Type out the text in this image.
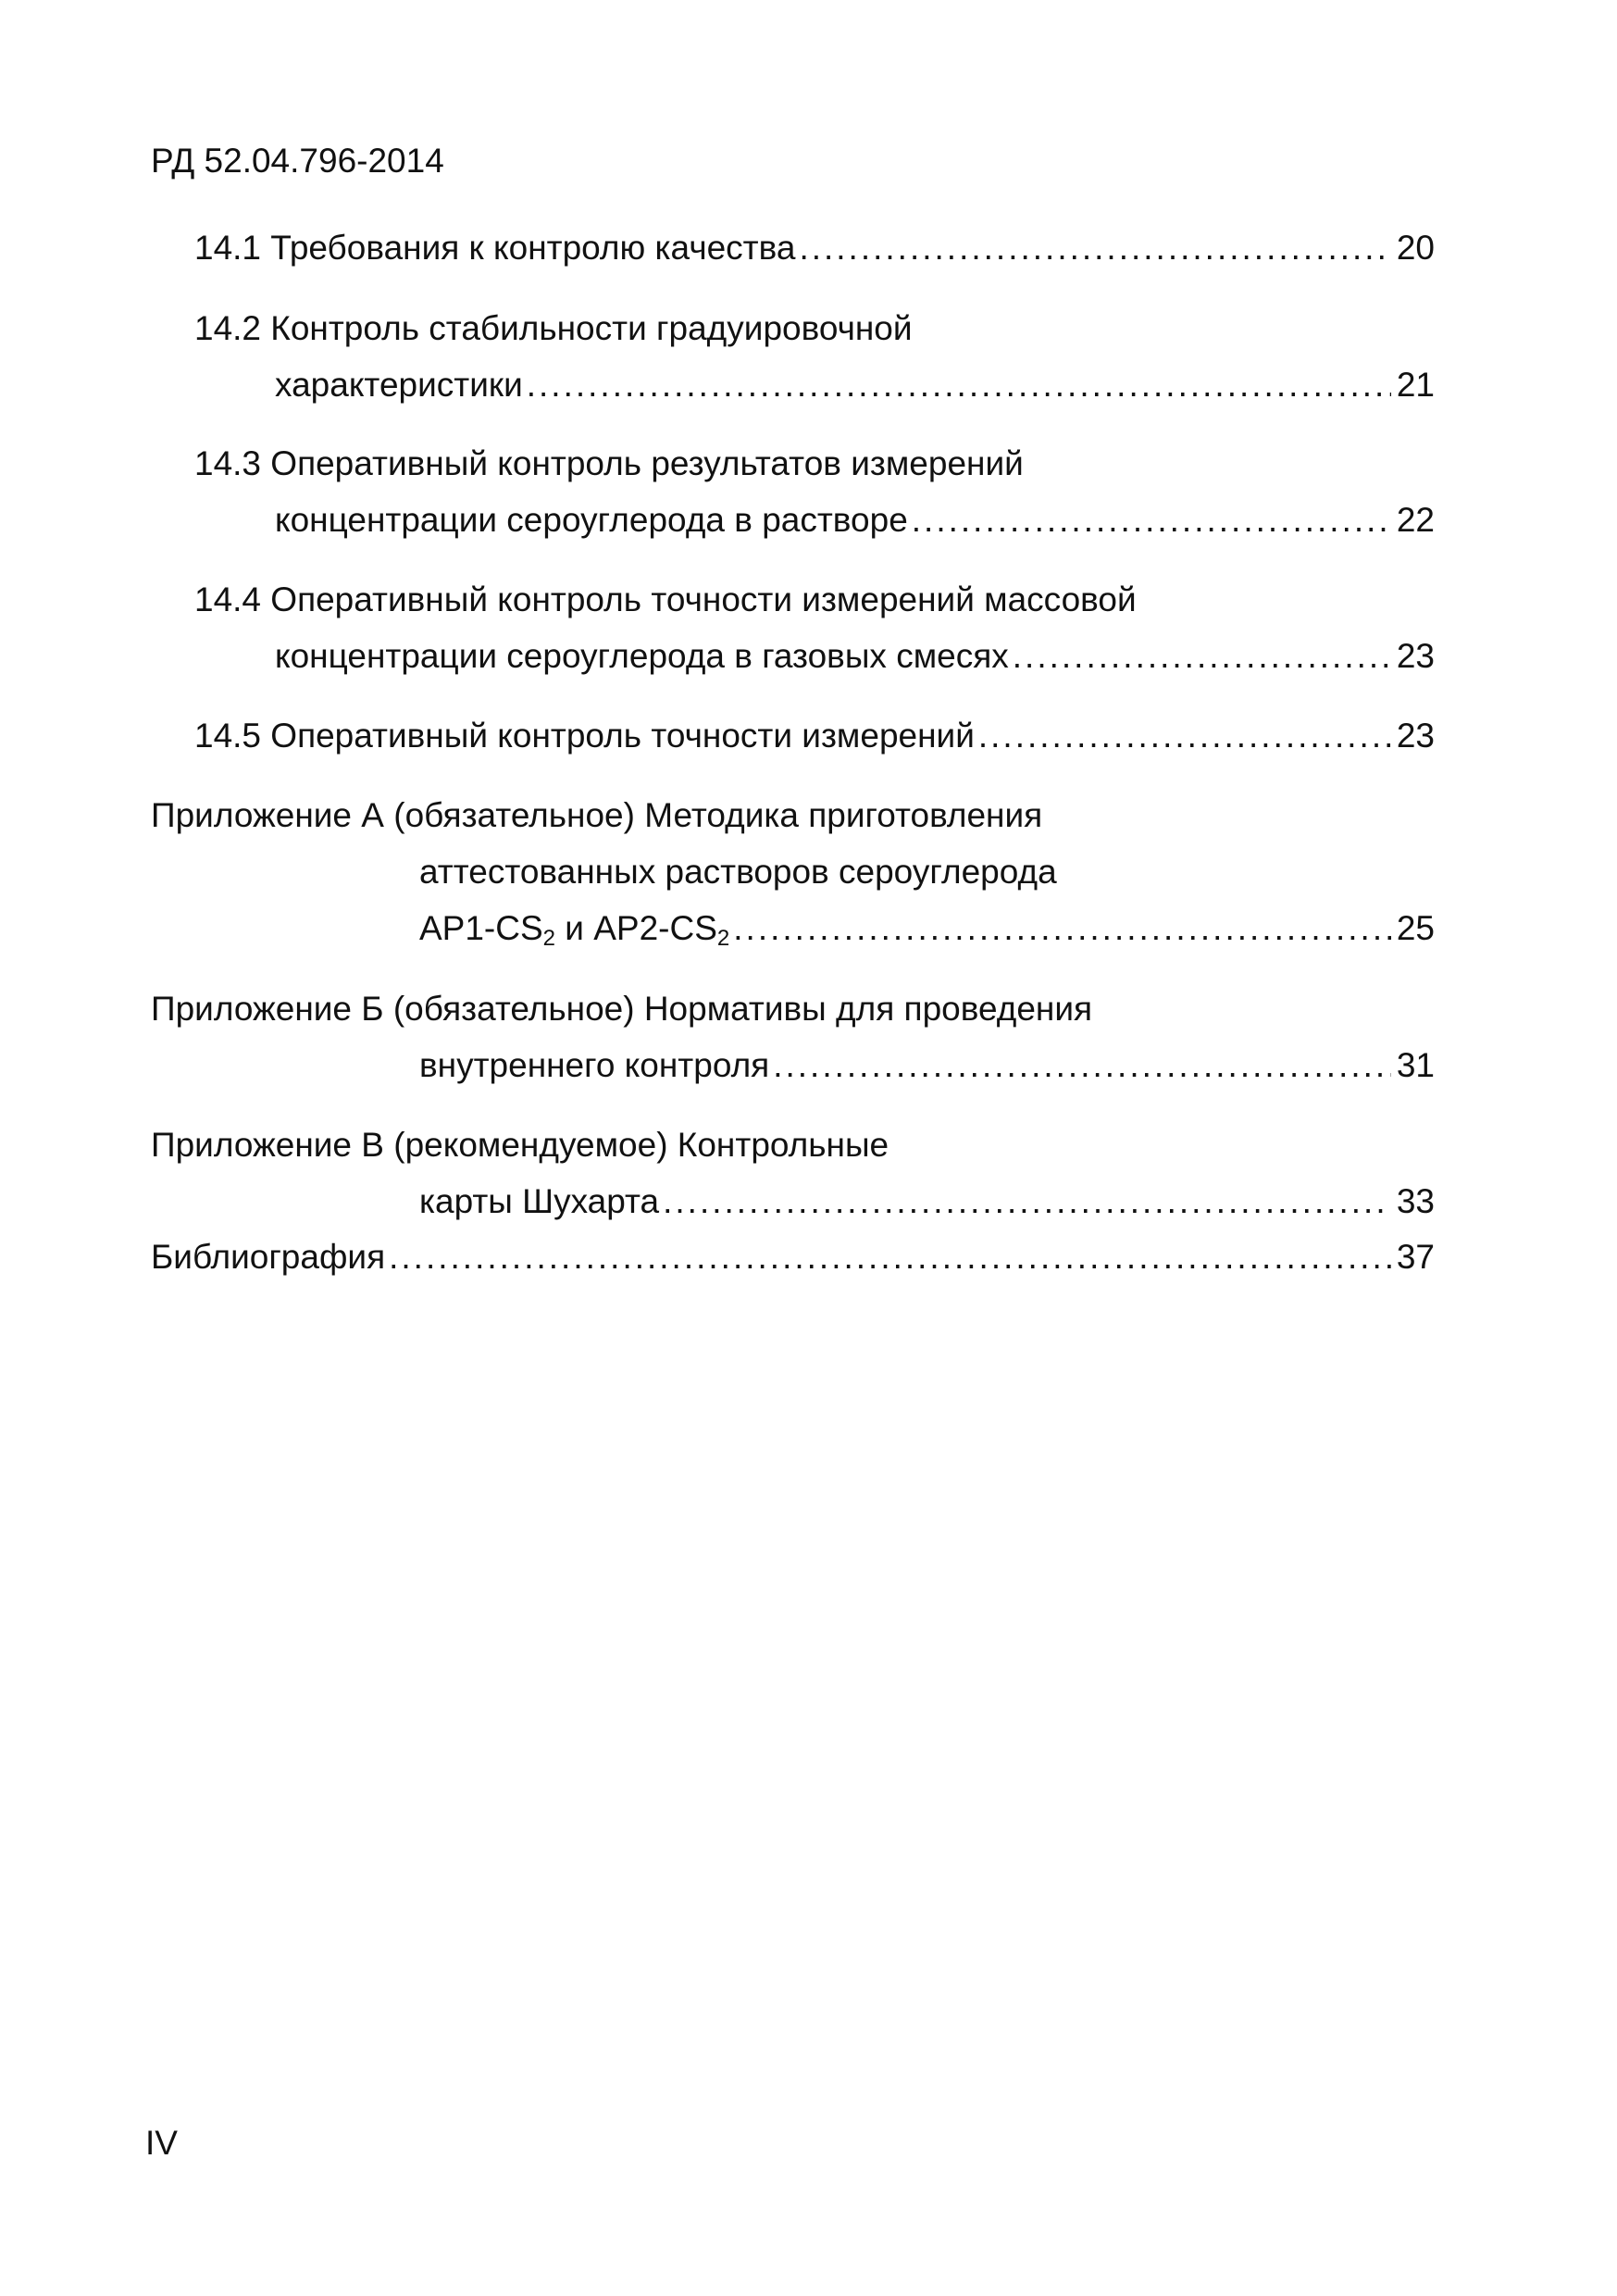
РД 52.04.796-2014
14.1 Требования к контролю качества .....	20
14.2 Контроль стабильности градуировочной
характеристики .....	21
14.3 Оперативный контроль результатов измерений
концентрации сероуглерода в растворе .....	22
14.4 Оперативный контроль точности измерений массовой
концентрации сероуглерода в газовых смесях .....	23
14.5 Оперативный контроль точности измерений .....	23
Приложение А (обязательное) Методика приготовления
аттестованных растворов сероуглерода
$АР1-CS_2$ и $АР2-CS_2$ .....	25
Приложение Б (обязательное) Нормативы для проведения
внутреннего контроля .....	31
Приложение В (рекомендуемое) Контрольные
карты Шухарта .....	33
Библиография .....	37
IV
